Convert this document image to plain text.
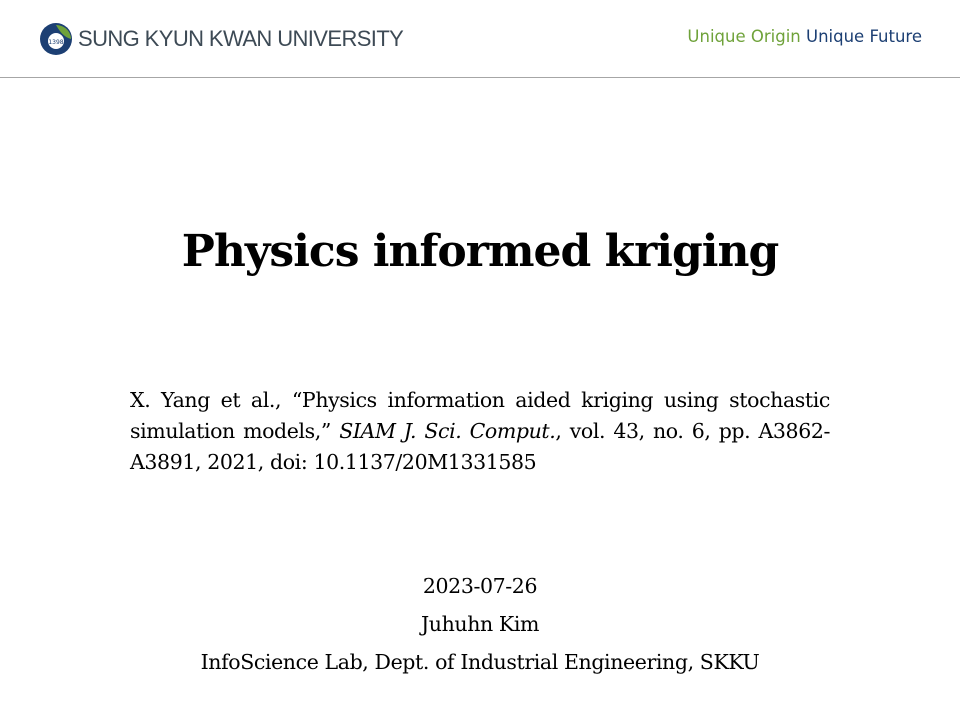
1398 SUNG KYUN KWAN UNIVERSITY	Unique Origin Unique Future
Physics informed kriging
X. Yang et al., “Physics information aided kriging using stochastic simulation models,” SIAM J. Sci. Comput., vol. 43, no. 6, pp. A3862-A3891, 2021, doi: 10.1137/20M1331585
2023-07-26
Juhuhn Kim
InfoScience Lab, Dept. of Industrial Engineering, SKKU
